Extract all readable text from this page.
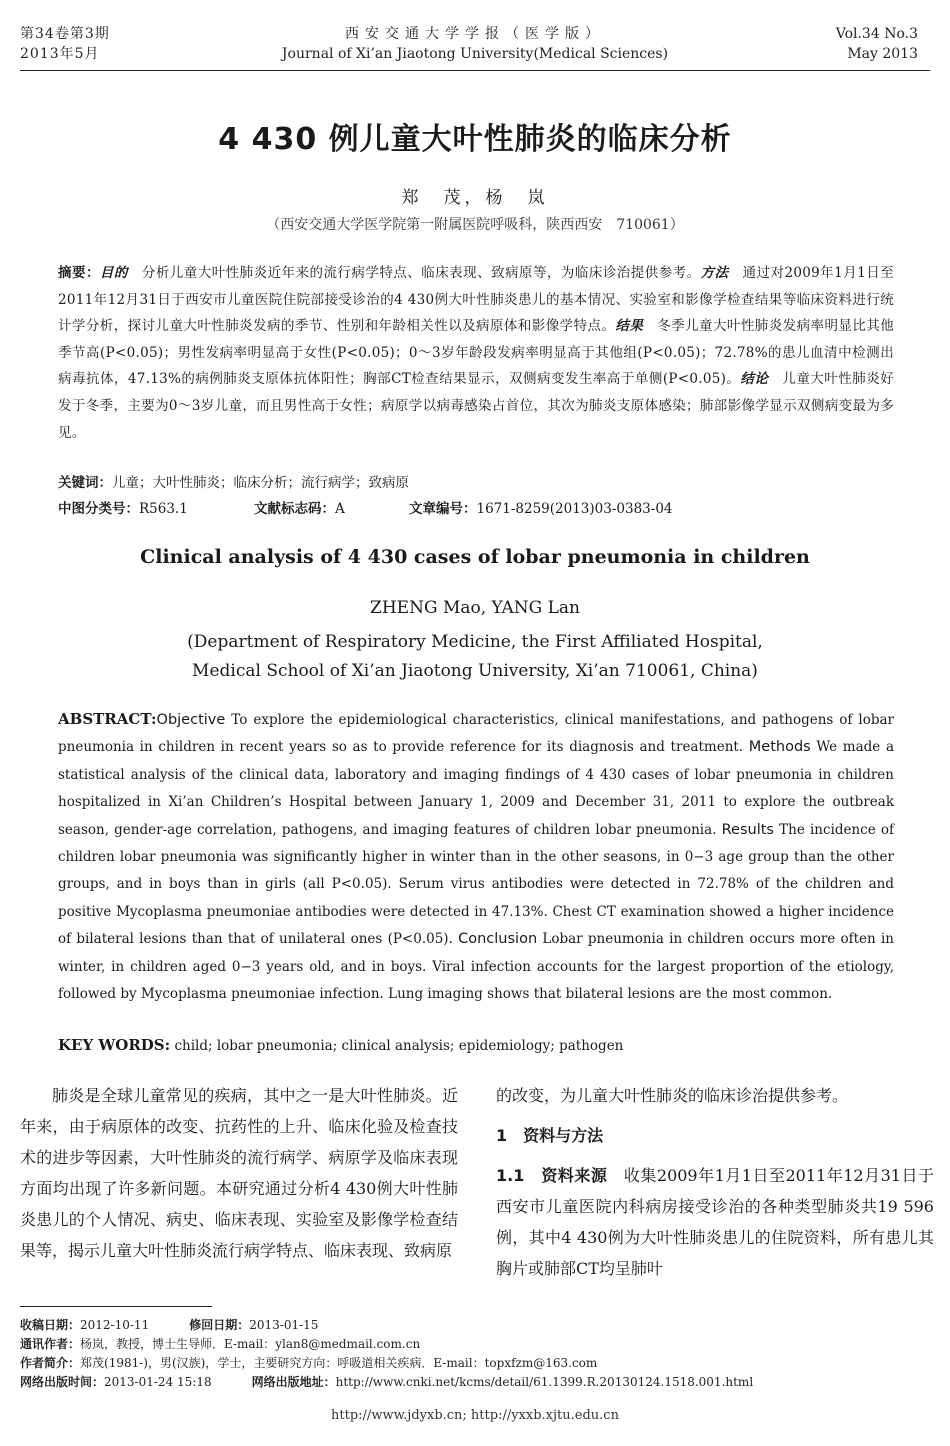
第34卷第3期
2013年5月
西安交通大学学报（医学版）
Journal of Xi’an Jiaotong University(Medical Sciences)
Vol.34 No.3
May 2013
4 430 例儿童大叶性肺炎的临床分析
郑　茂，杨　岚
（西安交通大学医学院第一附属医院呼吸科，陕西西安　710061）
摘要：目的　分析儿童大叶性肺炎近年来的流行病学特点、临床表现、致病原等，为临床诊治提供参考。方法　通过对2009年1月1日至2011年12月31日于西安市儿童医院住院部接受诊治的4 430例大叶性肺炎患儿的基本情况、实验室和影像学检查结果等临床资料进行统计学分析，探讨儿童大叶性肺炎发病的季节、性别和年龄相关性以及病原体和影像学特点。结果　冬季儿童大叶性肺炎发病率明显比其他季节高(P<0.05)；男性发病率明显高于女性(P<0.05)；0～3岁年龄段发病率明显高于其他组(P<0.05)；72.78%的患儿血清中检测出病毒抗体，47.13%的病例肺炎支原体抗体阳性；胸部CT检查结果显示，双侧病变发生率高于单侧(P<0.05)。结论　儿童大叶性肺炎好发于冬季，主要为0～3岁儿童，而且男性高于女性；病原学以病毒感染占首位，其次为肺炎支原体感染；肺部影像学显示双侧病变最为多见。
关键词：儿童；大叶性肺炎；临床分析；流行病学；致病原
中图分类号：R563.1	文献标志码：A	文章编号：1671-8259(2013)03-0383-04
Clinical analysis of 4 430 cases of lobar pneumonia in children
ZHENG Mao, YANG Lan
(Department of Respiratory Medicine, the First Affiliated Hospital,
Medical School of Xi’an Jiaotong University, Xi’an 710061, China)
ABSTRACT:Objective To explore the epidemiological characteristics, clinical manifestations, and pathogens of lobar pneumonia in children in recent years so as to provide reference for its diagnosis and treatment. Methods We made a statistical analysis of the clinical data, laboratory and imaging findings of 4 430 cases of lobar pneumonia in children hospitalized in Xi’an Children’s Hospital between January 1, 2009 and December 31, 2011 to explore the outbreak season, gender-age correlation, pathogens, and imaging features of children lobar pneumonia. Results The incidence of children lobar pneumonia was significantly higher in winter than in the other seasons, in 0−3 age group than the other groups, and in boys than in girls (all P<0.05). Serum virus antibodies were detected in 72.78% of the children and positive Mycoplasma pneumoniae antibodies were detected in 47.13%. Chest CT examination showed a higher incidence of bilateral lesions than that of unilateral ones (P<0.05). Conclusion Lobar pneumonia in children occurs more often in winter, in children aged 0−3 years old, and in boys. Viral infection accounts for the largest proportion of the etiology, followed by Mycoplasma pneumoniae infection. Lung imaging shows that bilateral lesions are the most common.
KEY WORDS: child; lobar pneumonia; clinical analysis; epidemiology; pathogen

肺炎是全球儿童常见的疾病，其中之一是大叶性肺炎。近年来，由于病原体的改变、抗药性的上升、临床化验及检查技术的进步等因素，大叶性肺炎的流行病学、病原学及临床表现方面均出现了许多新问题。本研究通过分析4 430例大叶性肺炎患儿的个人情况、病史、临床表现、实验室及影像学检查结果等，揭示儿童大叶性肺炎流行病学特点、临床表现、致病原

的改变，为儿童大叶性肺炎的临床诊治提供参考。

1　资料与方法

1.1　资料来源　收集2009年1月1日至2011年12月31日于西安市儿童医院内科病房接受诊治的各种类型肺炎共19 596例，其中4 430例为大叶性肺炎患儿的住院资料，所有患儿其胸片或肺部CT均呈肺叶

收稿日期：2012-10-11	修回日期：2013-01-15
通讯作者：杨岚，教授，博士生导师．E-mail：ylan8@medmail.com.cn
作者简介：郑茂(1981-)，男(汉族)，学士，主要研究方向：呼吸道相关疾病．E-mail：topxfzm@163.com
网络出版时间：2013-01-24 15:18	网络出版地址：http://www.cnki.net/kcms/detail/61.1399.R.20130124.1518.001.html
http://www.jdyxb.cn; http://yxxb.xjtu.edu.cn
